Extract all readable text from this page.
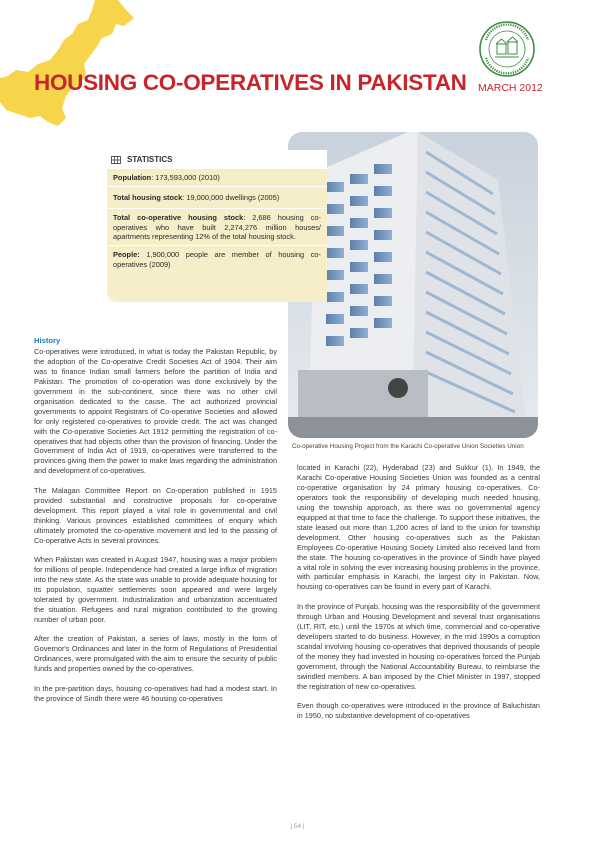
HOUSING CO-OPERATIVES IN PAKISTAN MARCH 2012
Co-operative Housing Project from the Karachi Co-operative Union Societies Union
STATISTICS
Population: 173,593,000 (2010)
Total housing stock: 19,000,000 dwellings (2005)
Total co-operative housing stock: 2,686 housing co-operatives who have built 2,274,276 million houses/ apartments representing 12% of the total housing stock.
People: 1,900,000 people are member of housing co-operatives (2009)
History

Co-operatives were introduced, in what is today the Pakistan Republic, by the adoption of the Co-operative Credit Societies Act of 1904. Their aim was to finance Indian small farmers before the partition of India and Pakistan. The promotion of co-operation was done exclusively by the government in the sub-continent, since there was no other civil organisation dedicated to the cause. The act authorized provincial governments to appoint Registrars of Co-operative Societies and allowed for only registered co-operatives to provide credit. The act was changed with the Co-operative Societies Act 1912 permitting the registration of co-operatives that had objects other than the provision of financing. Under the Government of India Act of 1919, co-operatives were transferred to the provinces giving them the power to make laws regarding the administration and development of co-operatives.

The Malagan Committee Report on Co-operation published in 1915 provided substantial and constructive proposals for co-operative development. This report played a vital role in governmental and civil thinking. Various provinces established committees of enquiry which ultimately promoted the co-operative movement and led to the passing of Co-operative Acts in several provinces.

When Pakistan was created in August 1947, housing was a major problem for millions of people. Independence had created a large influx of migration into the new state. As the state was unable to provide adequate housing for its population, squatter settlements soon appeared and were largely tolerated by government. Industrialization and urbanization accentuated the situation. Refugees and rural migration contributed to the growing number of urban poor.

After the creation of Pakistan, a series of laws, mostly in the form of Governor's Ordinances and later in the form of Regulations of Presidential Ordinances, were promulgated with the aim to ensure the security of public funds and properties owned by the co-operatives.

In the pre-partition days, housing co-operatives had had a modest start. In the province of Sindh there were 46 housing co-operatives

located in Karachi (22), Hyderabad (23) and Sukkur (1). In 1949, the Karachi Co-operative Housing Societies Union was founded as a central co-operative organisation by 24 primary housing co-operatives. Co-operators took the responsibility of developing much needed housing, using the township approach, as there was no governmental agency equipped at that time to face the challenge. To support these initiatives, the state leased out more than 1,200 acres of land to the union for township development. Other housing co-operatives such as the Pakistan Employees Co-operative Housing Society Limited also received land from the state. The housing co-operatives in the province of Sindh have played a vital role in solving the ever increasing housing problems in the province, with particular emphasis in Karachi, the largest city in Pakistan. Now, housing co-operatives can be found in every part of Karachi.

In the province of Punjab, housing was the responsibility of the government through Urban and Housing Development and several trust organisations (LIT, RIT, etc.) until the 1970s at which time, commercial and co-operative developers started to do business. However, in the mid 1990s a corruption scandal involving housing co-operatives that deprived thousands of people of the money they had invested in housing co-operatives forced the Punjab government, through the National Accountability Bureau, to reimburse the swindled members. A ban imposed by the Chief Minister in 1997, stopped the registration of new co-operatives.

Even though co-operatives were introduced in the province of Baluchistan in 1950, no substantive development of co-operatives

| 54 |
